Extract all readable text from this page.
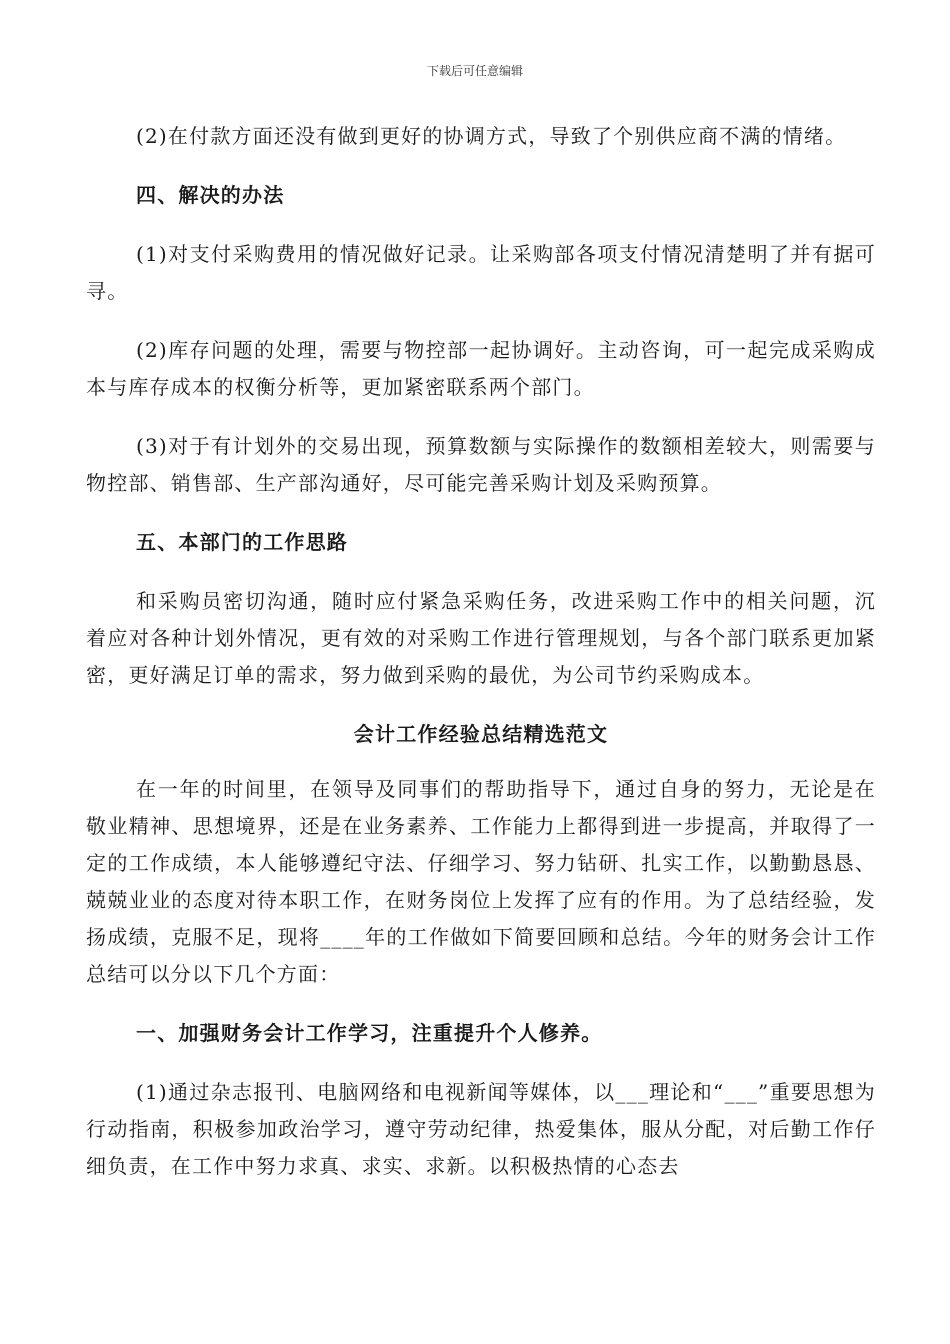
下载后可任意编辑

(2)在付款方面还没有做到更好的协调方式，导致了个别供应商不满的情绪。

四、解决的办法

(1)对支付采购费用的情况做好记录。让采购部各项支付情况清楚明了并有据可寻。

(2)库存问题的处理，需要与物控部一起协调好。主动咨询，可一起完成采购成本与库存成本的权衡分析等，更加紧密联系两个部门。

(3)对于有计划外的交易出现，预算数额与实际操作的数额相差较大，则需要与物控部、销售部、生产部沟通好，尽可能完善采购计划及采购预算。

五、本部门的工作思路

和采购员密切沟通，随时应付紧急采购任务，改进采购工作中的相关问题，沉着应对各种计划外情况，更有效的对采购工作进行管理规划，与各个部门联系更加紧密，更好满足订单的需求，努力做到采购的最优，为公司节约采购成本。

会计工作经验总结精选范文

在一年的时间里，在领导及同事们的帮助指导下，通过自身的努力，无论是在敬业精神、思想境界，还是在业务素养、工作能力上都得到进一步提高，并取得了一定的工作成绩，本人能够遵纪守法、仔细学习、努力钻研、扎实工作，以勤勤恳恳、兢兢业业的态度对待本职工作，在财务岗位上发挥了应有的作用。为了总结经验，发扬成绩，克服不足，现将____年的工作做如下简要回顾和总结。今年的财务会计工作总结可以分以下几个方面：

一、加强财务会计工作学习，注重提升个人修养。

(1)通过杂志报刊、电脑网络和电视新闻等媒体，以___理论和“___”重要思想为行动指南，积极参加政治学习，遵守劳动纪律，热爱集体，服从分配，对后勤工作仔细负责，在工作中努力求真、求实、求新。以积极热情的心态去
